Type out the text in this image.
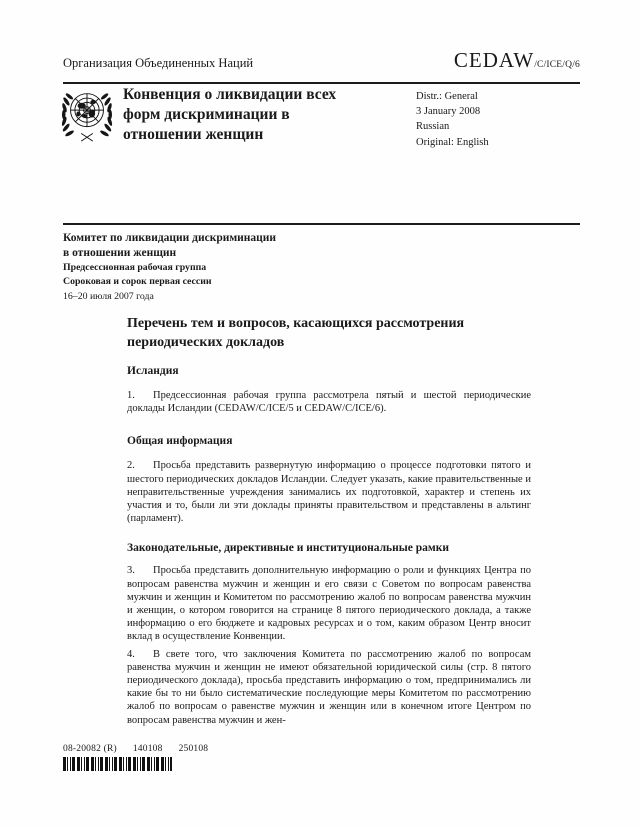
Организация Объединенных Наций	CEDAW/C/ICE/Q/6
Конвенция о ликвидации всех
форм дискриминации в
отношении женщин
Distr.: General
3 January 2008
Russian
Original: English
Комитет по ликвидации дискриминации
в отношении женщин
Предсессионная рабочая группа
Сороковая и сорок первая сессии
16–20 июля 2007 года
Перечень тем и вопросов, касающихся рассмотрения
периодических докладов
Исландия

1. Предсессионная рабочая группа рассмотрела пятый и шестой периодические доклады Исландии (CEDAW/C/ICE/5 и CEDAW/C/ICE/6).

Общая информация

2. Просьба представить развернутую информацию о процессе подготовки пятого и шестого периодических докладов Исландии. Следует указать, какие правительственные и неправительственные учреждения занимались их подготовкой, характер и степень их участия и то, были ли эти доклады приняты правительством и представлены в альтинг (парламент).

Законодательные, директивные и институциональные рамки

3. Просьба представить дополнительную информацию о роли и функциях Центра по вопросам равенства мужчин и женщин и его связи с Советом по вопросам равенства мужчин и женщин и Комитетом по рассмотрению жалоб по вопросам равенства мужчин и женщин, о котором говорится на странице 8 пятого периодического доклада, а также информацию о его бюджете и кадровых ресурсах и о том, каким образом Центр вносит вклад в осуществление Конвенции.

4. В свете того, что заключения Комитета по рассмотрению жалоб по вопросам равенства мужчин и женщин не имеют обязательной юридической силы (стр. 8 пятого периодического доклада), просьба представить информацию о том, предпринимались ли какие бы то ни было систематические последующие меры Комитетом по рассмотрению жалоб по вопросам о равенстве мужчин и женщин или в конечном итоге Центром по вопросам равенства мужчин и жен-

08-20082 (R) 140108 250108
